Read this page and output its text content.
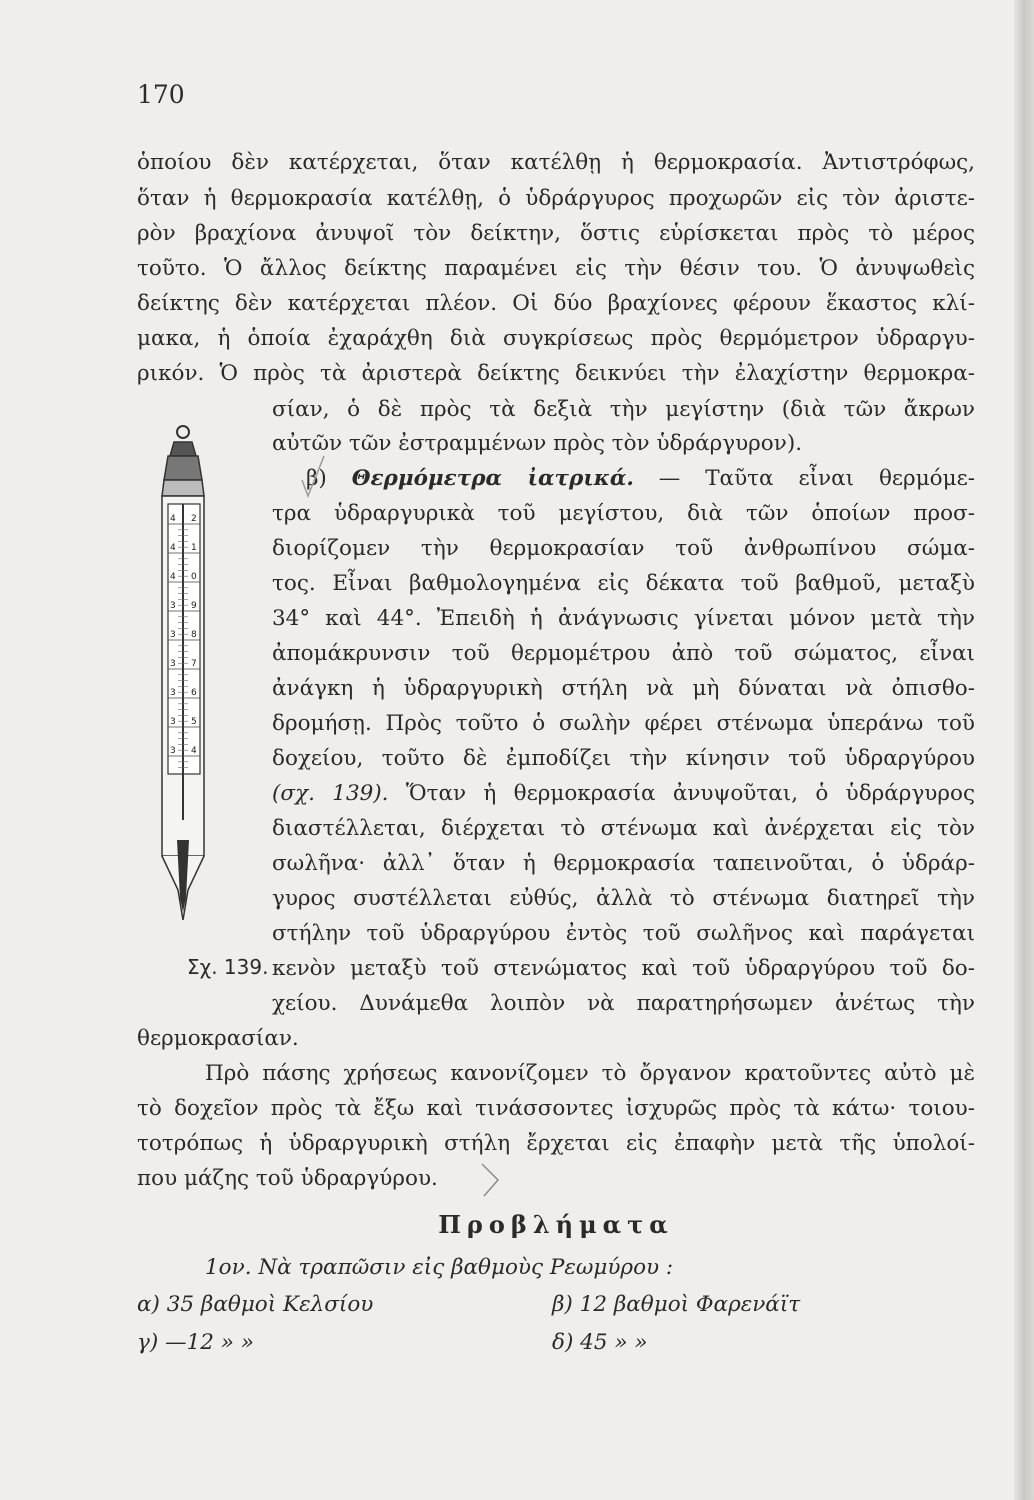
170
ὁποίου δὲν κατέρχεται, ὅταν κατέλθῃ ἡ θερμοκρασία. Ἀντιστρόφως,
ὅταν ἡ θερμοκρασία κατέλθῃ, ὁ ὑδράργυρος προχωρῶν εἰς τὸν ἀριστε-
ρὸν βραχίονα ἀνυψοῖ τὸν δείκτην, ὅστις εὑρίσκεται πρὸς τὸ μέρος
τοῦτο. Ὁ ἄλλος δείκτης παραμένει εἰς τὴν θέσιν του. Ὁ ἀνυψωθεὶς
δείκτης δὲν κατέρχεται πλέον. Οἱ δύο βραχίονες φέρουν ἕκαστος κλί-
μακα, ἡ ὁποία ἐχαράχθη διὰ συγκρίσεως πρὸς θερμόμετρον ὑδραργυ-
ρικόν. Ὁ πρὸς τὰ ἀριστερὰ δείκτης δεικνύει τὴν ἐλαχίστην θερμοκρα-
σίαν, ὁ δὲ πρὸς τὰ δεξιὰ τὴν μεγίστην (διὰ τῶν ἄκρων
αὐτῶν τῶν ἐστραμμένων πρὸς τὸν ὑδράργυρον).
β) Θερμόμετρα ἰατρικά. — Ταῦτα εἶναι θερμόμε-
τρα ὑδραργυρικὰ τοῦ μεγίστου, διὰ τῶν ὁποίων προσ-
διορίζομεν τὴν θερμοκρασίαν τοῦ ἀνθρωπίνου σώμα-
τος. Εἶναι βαθμολογημένα εἰς δέκατα τοῦ βαθμοῦ, μεταξὺ
34° καὶ 44°. Ἐπειδὴ ἡ ἀνάγνωσις γίνεται μόνον μετὰ τὴν
ἀπομάκρυνσιν τοῦ θερμομέτρου ἀπὸ τοῦ σώματος, εἶναι
ἀνάγκη ἡ ὑδραργυρικὴ στήλη νὰ μὴ δύναται νὰ ὀπισθο-
δρομήσῃ. Πρὸς τοῦτο ὁ σωλὴν φέρει στένωμα ὑπεράνω τοῦ
δοχείου, τοῦτο δὲ ἐμποδίζει τὴν κίνησιν τοῦ ὑδραργύρου
(σχ. 139). Ὅταν ἡ θερμοκρασία ἀνυψοῦται, ὁ ὑδράργυρος
διαστέλλεται, διέρχεται τὸ στένωμα καὶ ἀνέρχεται εἰς τὸν
σωλῆνα· ἀλλ᾽ ὅταν ἡ θερμοκρασία ταπεινοῦται, ὁ ὑδράρ-
γυρος συστέλλεται εὐθύς, ἀλλὰ τὸ στένωμα διατηρεῖ τὴν
στήλην τοῦ ὑδραργύρου ἐντὸς τοῦ σωλῆνος καὶ παράγεται
κενὸν μεταξὺ τοῦ στενώματος καὶ τοῦ ὑδραργύρου τοῦ δο-
χείου. Δυνάμεθα λοιπὸν νὰ παρατηρήσωμεν ἀνέτως τὴν
θερμοκρασίαν.
Πρὸ πάσης χρήσεως κανονίζομεν τὸ ὄργανον κρατοῦντες αὐτὸ μὲ
τὸ δοχεῖον πρὸς τὰ ἔξω καὶ τινάσσοντες ἰσχυρῶς πρὸς τὰ κάτω· τοιου-
τοτρόπως ἡ ὑδραργυρικὴ στήλη ἔρχεται εἰς ἐπαφὴν μετὰ τῆς ὑπολοί-
που μάζης τοῦ ὑδραργύρου.
4 2
4 1
4 0
3 9
3 8
3 7
3 6
3 5
3 4
Σχ. 139.
Προβλήματα
1ον. Νὰ τραπῶσιν εἰς βαθμοὺς Ρεωμύρου :
α) 35 βαθμοὶ Κελσίου	β) 12 βαθμοὶ Φαρενάϊτ
γ) —12 » »	δ) 45 » »
